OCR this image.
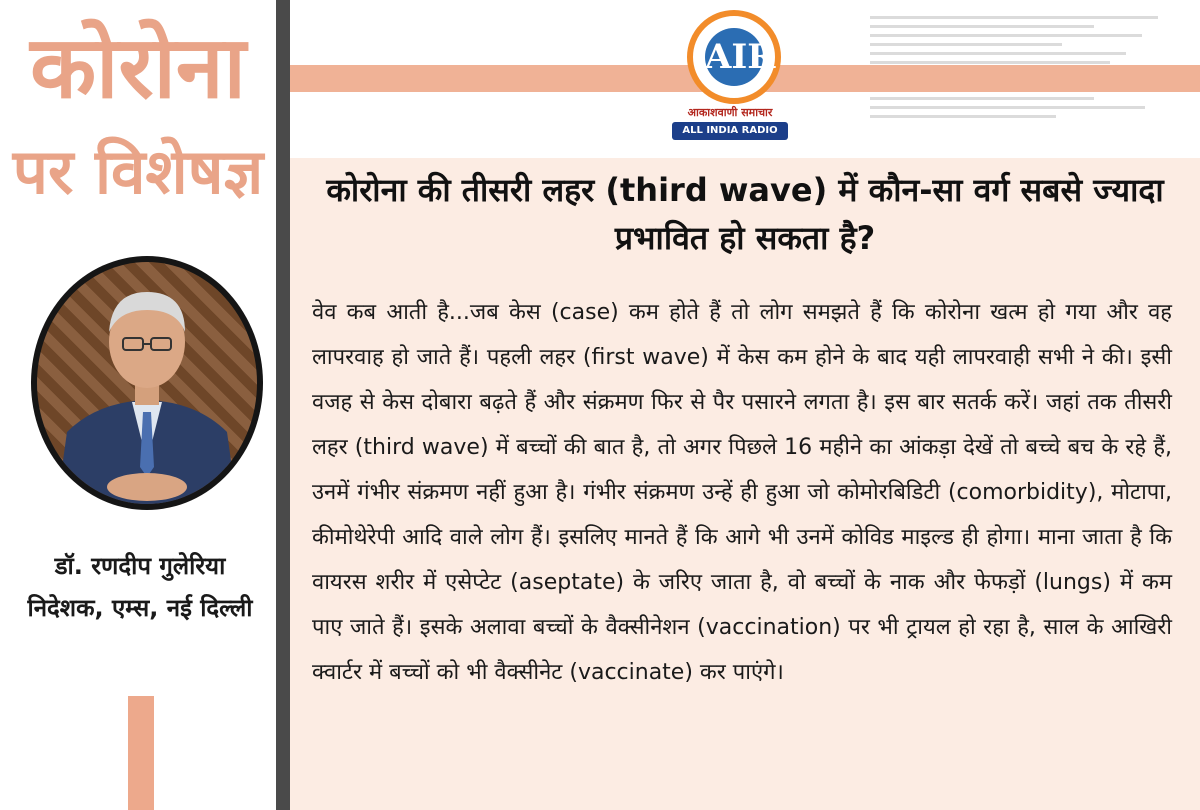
कोरोना
पर विशेषज्ञ
डॉ. रणदीप गुलेरिया
निदेशक, एम्स, नई दिल्ली
AIR
आकाशवाणी समाचार
ALL INDIA RADIO NEWS
कोरोना की तीसरी लहर (third wave) में कौन-सा वर्ग सबसे ज्यादा प्रभावित हो सकता है?
वेव कब आती है...जब केस (case) कम होते हैं तो लोग समझते हैं कि कोरोना खत्म हो गया और वह लापरवाह हो जाते हैं। पहली लहर (first wave) में केस कम होने के बाद यही लापरवाही सभी ने की। इसी वजह से केस दोबारा बढ़ते हैं और संक्रमण फिर से पैर पसारने लगता है। इस बार सतर्क करें। जहां तक तीसरी लहर (third wave) में बच्चों की बात है, तो अगर पिछले 16 महीने का आंकड़ा देखें तो बच्चे बच के रहे हैं, उनमें गंभीर संक्रमण नहीं हुआ है। गंभीर संक्रमण उन्हें ही हुआ जो कोमोरबिडिटी (comorbidity), मोटापा, कीमोथेरेपी आदि वाले लोग हैं। इसलिए मानते हैं कि आगे भी उनमें कोविड माइल्ड ही होगा। माना जाता है कि वायरस शरीर में एसेप्टेट (aseptate) के जरिए जाता है, वो बच्चों के नाक और फेफड़ों (lungs) में कम पाए जाते हैं। इसके अलावा बच्चों के वैक्सीनेशन (vaccination) पर भी ट्रायल हो रहा है, साल के आखिरी क्वार्टर में बच्चों को भी वैक्सीनेट (vaccinate) कर पाएंगे।
